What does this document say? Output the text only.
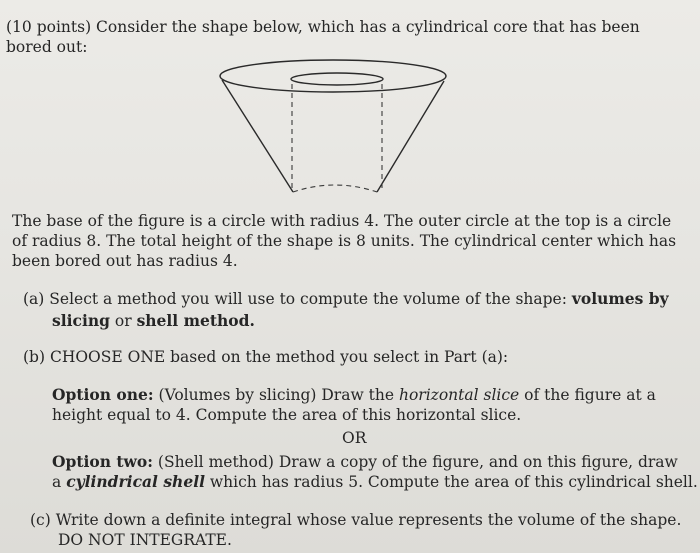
(10 points) Consider the shape below, which has a cylindrical core that has been
bored out:
The base of the figure is a circle with radius 4. The outer circle at the top is a circle
of radius 8. The total height of the shape is 8 units. The cylindrical center which has
been bored out has radius 4.
(a) Select a method you will use to compute the volume of the shape: volumes by
slicing or shell method.
(b) CHOOSE ONE based on the method you select in Part (a):
Option one: (Volumes by slicing) Draw the horizontal slice of the figure at a
height equal to 4. Compute the area of this horizontal slice.
OR
Option two: (Shell method) Draw a copy of the figure, and on this figure, draw
a cylindrical shell which has radius 5. Compute the area of this cylindrical shell.
(c) Write down a definite integral whose value represents the volume of the shape.
DO NOT INTEGRATE.
